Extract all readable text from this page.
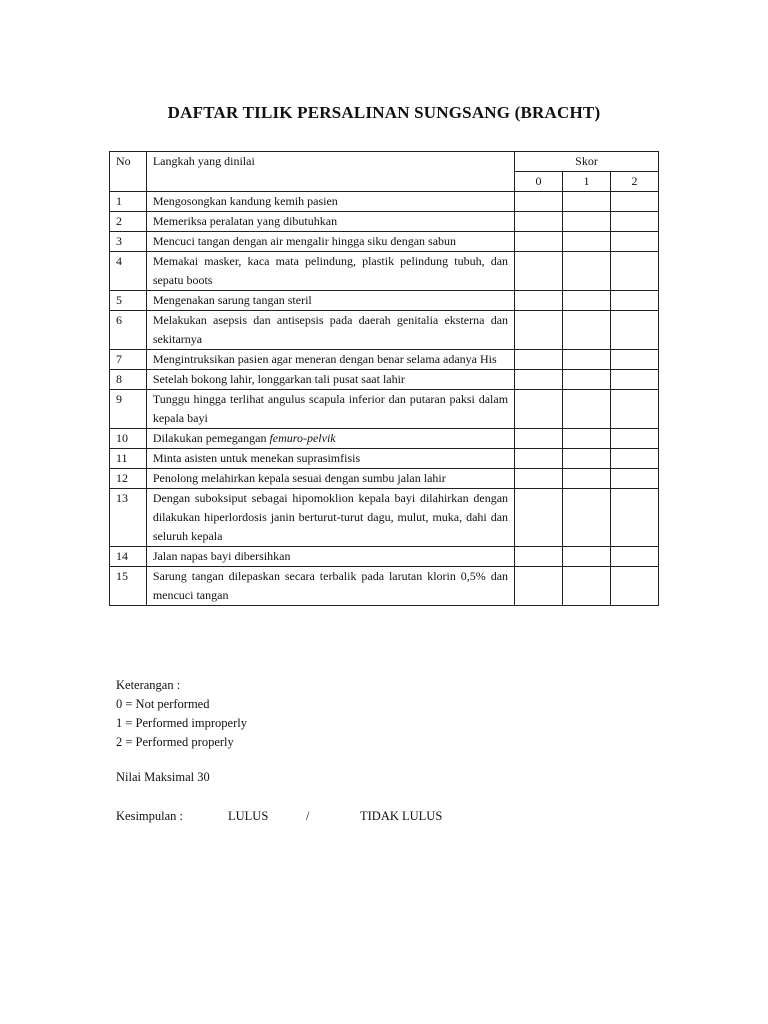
DAFTAR TILIK PERSALINAN SUNGSANG (BRACHT)
No	Langkah yang dinilai	Skor		
		0	1	2
1	Mengosongkan kandung kemih pasien			
2	Memeriksa peralatan yang dibutuhkan			
3	Mencuci tangan dengan air mengalir hingga siku dengan sabun			
4	Memakai masker, kaca mata pelindung, plastik pelindung tubuh, dan sepatu boots			
5	Mengenakan sarung tangan steril			
6	Melakukan asepsis dan antisepsis pada daerah genitalia eksterna dan sekitarnya			
7	Mengintruksikan pasien agar meneran dengan benar selama adanya His			
8	Setelah bokong lahir, longgarkan tali pusat saat lahir			
9	Tunggu hingga terlihat angulus scapula inferior dan putaran paksi dalam kepala bayi			
10	Dilakukan pemegangan femuro-pelvik			
11	Minta asisten untuk menekan suprasimfisis			
12	Penolong melahirkan kepala sesuai dengan sumbu jalan lahir			
13	Dengan suboksiput sebagai hipomoklion kepala bayi dilahirkan dengan dilakukan hiperlordosis janin berturut-turut dagu, mulut, muka, dahi dan seluruh kepala			
14	Jalan napas bayi dibersihkan			
15	Sarung tangan dilepaskan secara terbalik pada larutan klorin 0,5% dan mencuci tangan			
Keterangan :
0 = Not performed
1 = Performed improperly
2 = Performed properly
Nilai Maksimal 30
Kesimpulan :	LULUS	/	TIDAK LULUS
